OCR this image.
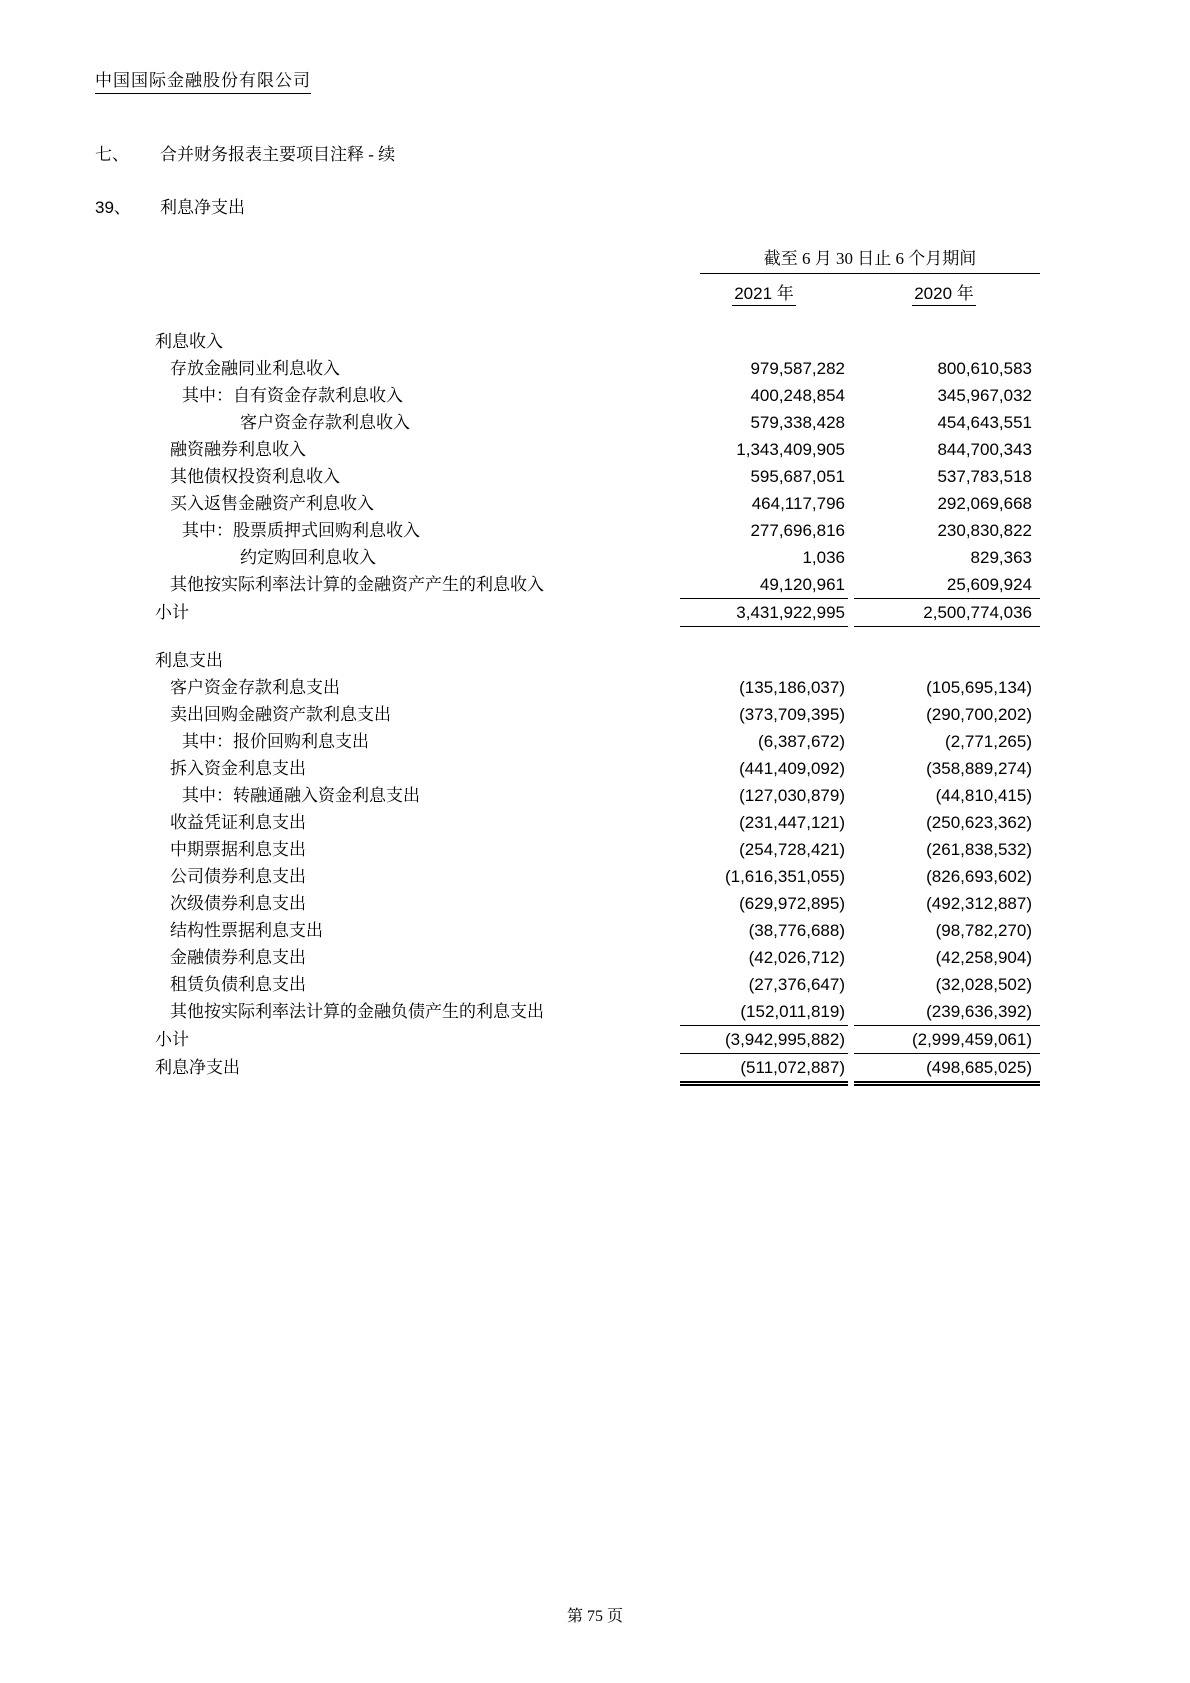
中国国际金融股份有限公司
七、	合并财务报表主要项目注释 - 续
39、	利息净支出
截至 6 月 30 日止 6 个月期间
2021 年	2020 年
利息收入
存放金融同业利息收入	979,587,282	800,610,583
其中：自有资金存款利息收入	400,248,854	345,967,032
客户资金存款利息收入	579,338,428	454,643,551
融资融券利息收入	1,343,409,905	844,700,343
其他债权投资利息收入	595,687,051	537,783,518
买入返售金融资产利息收入	464,117,796	292,069,668
其中：股票质押式回购利息收入	277,696,816	230,830,822
约定购回利息收入	1,036	829,363
其他按实际利率法计算的金融资产产生的利息收入	49,120,961	25,609,924
小计	3,431,922,995	2,500,774,036
利息支出
客户资金存款利息支出	(135,186,037)	(105,695,134)
卖出回购金融资产款利息支出	(373,709,395)	(290,700,202)
其中：报价回购利息支出	(6,387,672)	(2,771,265)
拆入资金利息支出	(441,409,092)	(358,889,274)
其中：转融通融入资金利息支出	(127,030,879)	(44,810,415)
收益凭证利息支出	(231,447,121)	(250,623,362)
中期票据利息支出	(254,728,421)	(261,838,532)
公司债券利息支出	(1,616,351,055)	(826,693,602)
次级债券利息支出	(629,972,895)	(492,312,887)
结构性票据利息支出	(38,776,688)	(98,782,270)
金融债券利息支出	(42,026,712)	(42,258,904)
租赁负债利息支出	(27,376,647)	(32,028,502)
其他按实际利率法计算的金融负债产生的利息支出	(152,011,819)	(239,636,392)
小计	(3,942,995,882)	(2,999,459,061)
利息净支出	(511,072,887)	(498,685,025)
第 75 页
